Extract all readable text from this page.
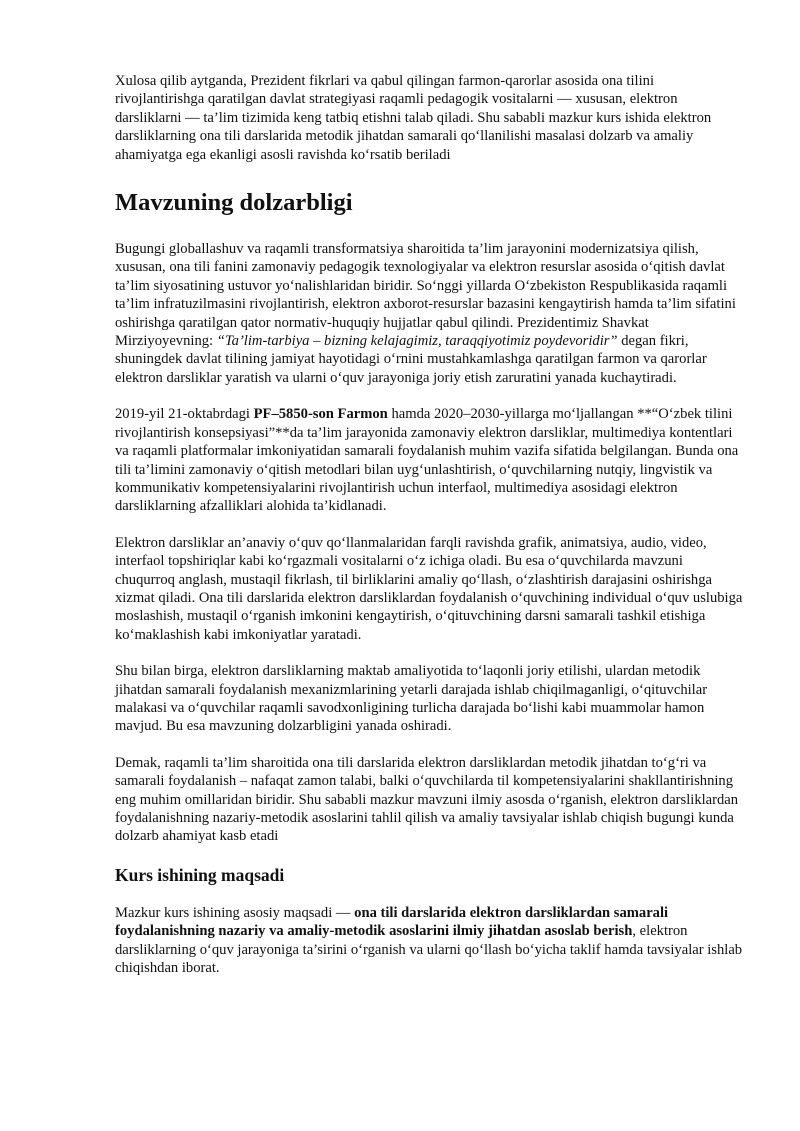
Xulosa qilib aytganda, Prezident fikrlari va qabul qilingan farmon-qarorlar asosida ona tilini rivojlantirishga qaratilgan davlat strategiyasi raqamli pedagogik vositalarni — xususan, elektron darsliklarni — ta’lim tizimida keng tatbiq etishni talab qiladi. Shu sababli mazkur kurs ishida elektron darsliklarning ona tili darslarida metodik jihatdan samarali qo‘llanilishi masalasi dolzarb va amaliy ahamiyatga ega ekanligi asosli ravishda ko‘rsatib beriladi

Mavzuning dolzarbligi

Bugungi globallashuv va raqamli transformatsiya sharoitida ta’lim jarayonini modernizatsiya qilish, xususan, ona tili fanini zamonaviy pedagogik texnologiyalar va elektron resurslar asosida o‘qitish davlat ta’lim siyosatining ustuvor yo‘nalishlaridan biridir. So‘nggi yillarda O‘zbekiston Respublikasida raqamli ta’lim infratuzilmasini rivojlantirish, elektron axborot-resurslar bazasini kengaytirish hamda ta’lim sifatini oshirishga qaratilgan qator normativ-huquqiy hujjatlar qabul qilindi. Prezidentimiz Shavkat Mirziyoyevning: “Ta’lim-tarbiya – bizning kelajagimiz, taraqqiyotimiz poydevoridir” degan fikri, shuningdek davlat tilining jamiyat hayotidagi o‘rnini mustahkamlashga qaratilgan farmon va qarorlar elektron darsliklar yaratish va ularni o‘quv jarayoniga joriy etish zaruratini yanada kuchaytiradi.

2019-yil 21-oktabrdagi PF–5850-son Farmon hamda 2020–2030-yillarga mo‘ljallangan **“O‘zbek tilini rivojlantirish konsepsiyasi”**da ta’lim jarayonida zamonaviy elektron darsliklar, multimediya kontentlari va raqamli platformalar imkoniyatidan samarali foydalanish muhim vazifa sifatida belgilangan. Bunda ona tili ta’limini zamonaviy o‘qitish metodlari bilan uyg‘unlashtirish, o‘quvchilarning nutqiy, lingvistik va kommunikativ kompetensiyalarini rivojlantirish uchun interfaol, multimediya asosidagi elektron darsliklarning afzalliklari alohida ta’kidlanadi.

Elektron darsliklar an’anaviy o‘quv qo‘llanmalaridan farqli ravishda grafik, animatsiya, audio, video, interfaol topshiriqlar kabi ko‘rgazmali vositalarni o‘z ichiga oladi. Bu esa o‘quvchilarda mavzuni chuqurroq anglash, mustaqil fikrlash, til birliklarini amaliy qo‘llash, o‘zlashtirish darajasini oshirishga xizmat qiladi. Ona tili darslarida elektron darsliklardan foydalanish o‘quvchining individual o‘quv uslubiga moslashish, mustaqil o‘rganish imkonini kengaytirish, o‘qituvchining darsni samarali tashkil etishiga ko‘maklashish kabi imkoniyatlar yaratadi.

Shu bilan birga, elektron darsliklarning maktab amaliyotida to‘laqonli joriy etilishi, ulardan metodik jihatdan samarali foydalanish mexanizmlarining yetarli darajada ishlab chiqilmaganligi, o‘qituvchilar malakasi va o‘quvchilar raqamli savodxonligining turlicha darajada bo‘lishi kabi muammolar hamon mavjud. Bu esa mavzuning dolzarbligini yanada oshiradi.

Demak, raqamli ta’lim sharoitida ona tili darslarida elektron darsliklardan metodik jihatdan to‘g‘ri va samarali foydalanish – nafaqat zamon talabi, balki o‘quvchilarda til kompetensiyalarini shakllantirishning eng muhim omillaridan biridir. Shu sababli mazkur mavzuni ilmiy asosda o‘rganish, elektron darsliklardan foydalanishning nazariy-metodik asoslarini tahlil qilish va amaliy tavsiyalar ishlab chiqish bugungi kunda dolzarb ahamiyat kasb etadi

Kurs ishining maqsadi

Mazkur kurs ishining asosiy maqsadi — ona tili darslarida elektron darsliklardan samarali foydalanishning nazariy va amaliy-metodik asoslarini ilmiy jihatdan asoslab berish, elektron darsliklarning o‘quv jarayoniga ta’sirini o‘rganish va ularni qo‘llash bo‘yicha taklif hamda tavsiyalar ishlab chiqishdan iborat.
